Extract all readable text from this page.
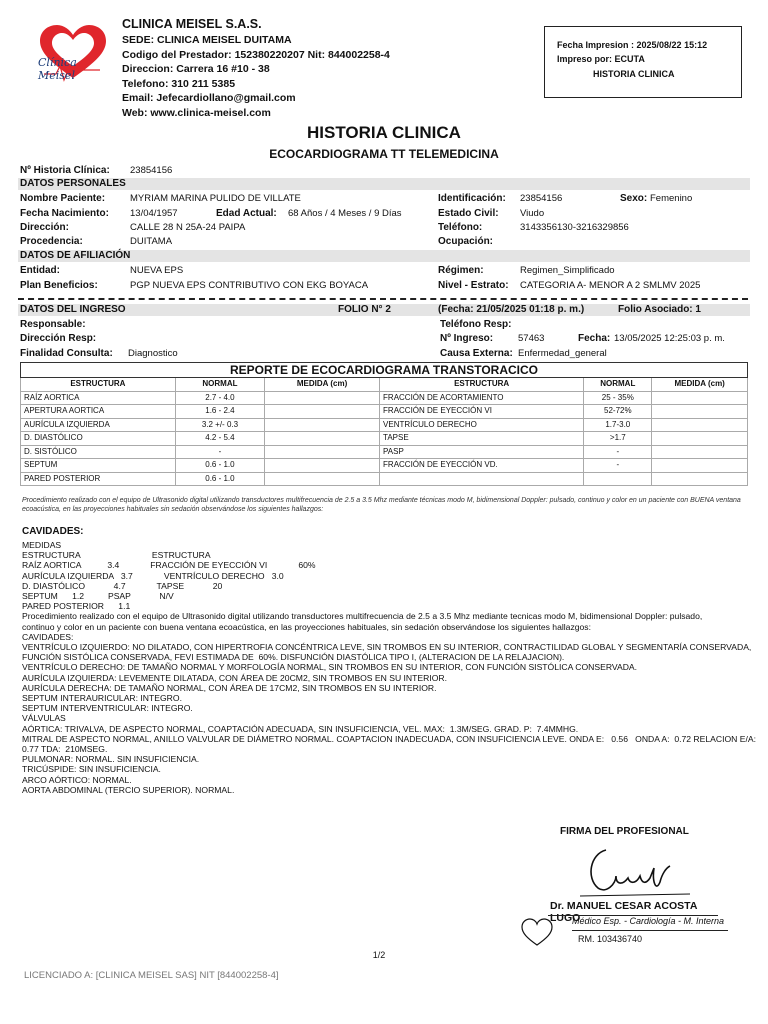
Clínica Meisel
CLINICA MEISEL S.A.S.
SEDE: CLINICA MEISEL DUITAMA
Codigo del Prestador: 152380220207 Nit: 844002258-4
Direccion: Carrera 16 #10 - 38
Telefono: 310 211 5385
Email: Jefecardiollano@gmail.com
Web: www.clinica-meisel.com
Fecha Impresion : 2025/08/22 15:12
Impreso por: ECUTA
HISTORIA CLINICA
HISTORIA CLINICA
ECOCARDIOGRAMA TT TELEMEDICINA
Nº Historia Clínica: 23854156
DATOS PERSONALES
Nombre Paciente:	MYRIAM MARINA PULIDO DE VILLATE	Identificación: 23854156	Sexo: Femenino
Fecha Nacimiento: 13/04/1957	Edad Actual: 68 Años / 4 Meses / 9 Días	Estado Civil: Viudo
Dirección:	CALLE 28 N 25A-24 PAIPA	Teléfono:	3143356130-3216329856
Procedencia:	DUITAMA	Ocupación:
DATOS DE AFILIACIÓN
Entidad:	NUEVA EPS	Régimen:	Regimen_Simplificado
Plan Beneficios:	PGP NUEVA EPS CONTRIBUTIVO CON EKG BOYACA	Nivel - Estrato: CATEGORIA A- MENOR A 2 SMLMV 2025
DATOS DEL INGRESO	FOLIO N° 2	(Fecha: 21/05/2025 01:18 p. m.)	Folio Asociado: 1
Responsable:	Teléfono Resp:
Dirección Resp:	Nº Ingreso:	57463	Fecha: 13/05/2025 12:25:03 p. m.
Finalidad Consulta: Diagnostico	Causa Externa: Enfermedad_general
REPORTE DE ECOCARDIOGRAMA TRANSTORACICO					
ESTRUCTURA	NORMAL	MEDIDA (cm)	ESTRUCTURA	NORMAL	MEDIDA (cm)
RAÍZ AORTICA	2.7 - 4.0		FRACCIÓN DE ACORTAMIENTO	25 - 35%	
APERTURA AORTICA	1.6 - 2.4		FRACCIÓN DE EYECCIÓN VI	52-72%	
AURÍCULA IZQUIERDA	3.2 +/- 0.3		VENTRÍCULO DERECHO	1.7-3.0	
D. DIASTÓLICO	4.2 - 5.4		TAPSE	>1.7	
D. SISTÓLICO	-		PASP	-	
SEPTUM	0.6 - 1.0		FRACCIÓN DE EYECCIÓN VD.	-	
PARED POSTERIOR	0.6 - 1.0				
Procedimiento realizado con el equipo de Ultrasonido digital utilizando transductores multifrecuencia de 2.5 a 3.5 Mhz mediante técnicas modo M, bidimensional Doppler: pulsado, continuo y color en un paciente con BUENA ventana ecoacústica, en las proyecciones habituales sin sedación observándose los siguientes hallazgos:
CAVIDADES:
MEDIDAS
ESTRUCTURA                              ESTRUCTURA
RAÍZ AORTICA           3.4             FRACCIÓN DE EYECCIÓN VI             60%
AURÍCULA IZQUIERDA   3.7             VENTRÍCULO DERECHO   3.0
D. DIASTÓLICO            4.7             TAPSE            20
SEPTUM      1.2          PSAP            N/V
PARED POSTERIOR      1.1
Procedimiento realizado con el equipo de Ultrasonido digital utilizando transductores multifrecuencia de 2.5 a 3.5 Mhz mediante tecnicas modo M, bidimensional Doppler: pulsado,
continuo y color en un paciente con buena ventana ecoacústica, en las proyecciones habituales, sin sedación observándose los siguientes hallazgos:
CAVIDADES:
VENTRÍCULO IZQUIERDO: NO DILATADO, CON HIPERTROFIA CONCÉNTRICA LEVE, SIN TROMBOS EN SU INTERIOR, CONTRACTILIDAD GLOBAL Y SEGMENTARÍA CONSERVADA,
FUNCIÓN SISTÓLICA CONSERVADA, FEVI ESTIMADA DE  60%. DISFUNCIÓN DIASTÓLICA TIPO I, (ALTERACION DE LA RELAJACION).
VENTRÍCULO DERECHO: DE TAMAÑO NORMAL Y MORFOLOGÍA NORMAL, SIN TROMBOS EN SU INTERIOR, CON FUNCIÓN SISTÓLICA CONSERVADA.
AURÍCULA IZQUIERDA: LEVEMENTE DILATADA, CON ÁREA DE 20CM2, SIN TROMBOS EN SU INTERIOR.
AURÍCULA DERECHA: DE TAMAÑO NORMAL, CON ÁREA DE 17CM2, SIN TROMBOS EN SU INTERIOR.
SEPTUM INTERAURICULAR: INTEGRO.
SEPTUM INTERVENTRICULAR: INTEGRO.
VÁLVULAS
AÓRTICA: TRIVALVA, DE ASPECTO NORMAL, COAPTACIÓN ADECUADA, SIN INSUFICIENCIA, VEL. MAX:  1.3M/SEG. GRAD. P:  7.4MMHG.
MITRAL DE ASPECTO NORMAL, ANILLO VALVULAR DE DIÁMETRO NORMAL. COAPTACION INADECUADA, CON INSUFICIENCIA LEVE. ONDA E:   0.56   ONDA A:  0.72 RELACION E/A:
0.77 TDA:  210MSEG.
PULMONAR: NORMAL. SIN INSUFICIENCIA.
TRICÚSPIDE: SIN INSUFICIENCIA.
ARCO AÓRTICO: NORMAL.
AORTA ABDOMINAL (TERCIO SUPERIOR). NORMAL.
FIRMA DEL PROFESIONAL
Dr. MANUEL CESAR ACOSTA LUGO
Médico Esp. - Cardiología - M. Interna
RM. 103436740
1/2
LICENCIADO A: [CLINICA MEISEL SAS] NIT [844002258-4]
